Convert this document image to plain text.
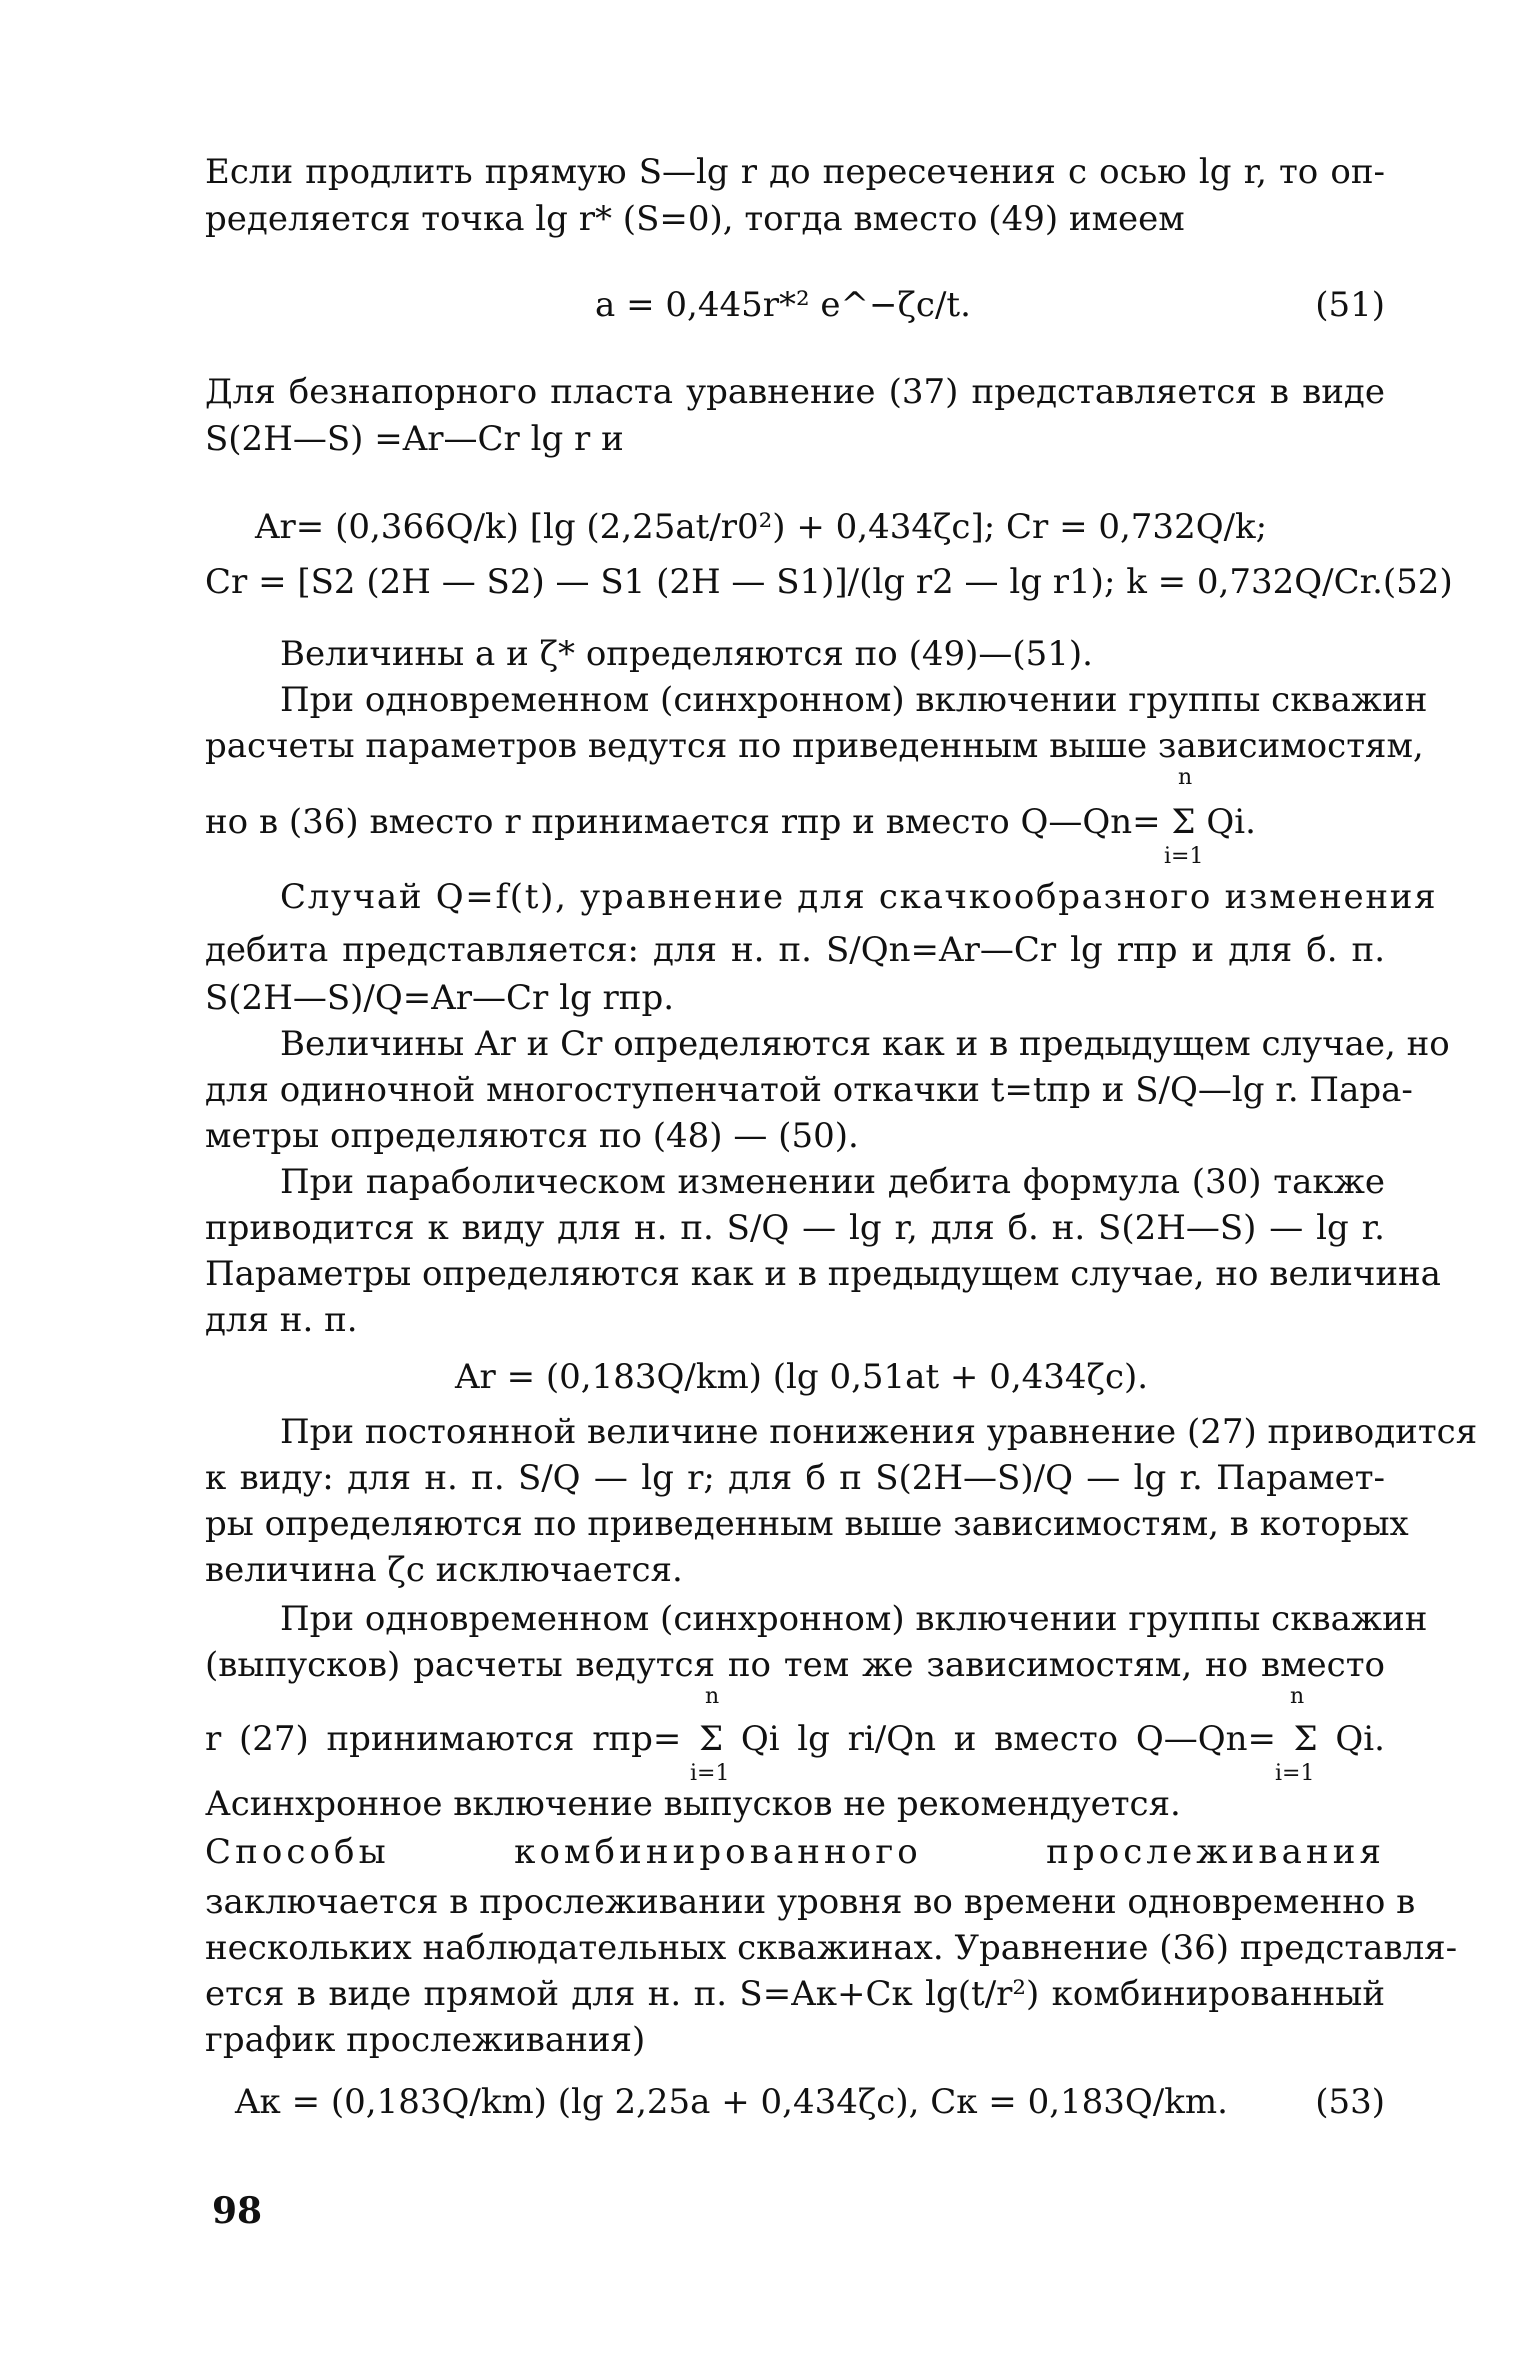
Если продлить прямую S—lg r до пересечения с осью lg r, то оп-
ределяется точка lg r* (S=0), тогда вместо (49) имеем
a = 0,445r*² e^−ζc/t.	(51)
Для безнапорного пласта уравнение (37) представляется в виде
S(2H—S) =Ar—Cr lg r и
Ar= (0,366Q/k) [lg (2,25at/r0²) + 0,434ζc]; Cr = 0,732Q/k;
Cr = [S2 (2H — S2) — S1 (2H — S1)]/(lg r2 — lg r1); k = 0,732Q/Cr.(52)
Величины a и ζ* определяются по (49)—(51).
При одновременном (синхронном) включении группы скважин
расчеты параметров ведутся по приведенным выше зависимостям,
n
но в (36) вместо r принимается rпр и вместо Q—Qn= Σ Qi.
i=1
Случай Q=f(t), уравнение для скачкообразного изменения
дебита представляется: для н. п. S/Qn=Ar—Cr lg rпр и для б. п.
S(2H—S)/Q=Ar—Cr lg rпр.
Величины Ar и Cr определяются как и в предыдущем случае, но
для одиночной многоступенчатой откачки t=tпр и S/Q—lg r. Пара-
метры определяются по (48) — (50).
При параболическом изменении дебита формула (30) также
приводится к виду для н. п. S/Q — lg r, для б. н. S(2H—S) — lg r.
Параметры определяются как и в предыдущем случае, но величина
для н. п.
Ar = (0,183Q/km) (lg 0,51at + 0,434ζc).
При постоянной величине понижения уравнение (27) приводится
к виду: для н. п. S/Q — lg r; для б п S(2H—S)/Q — lg r. Парамет-
ры определяются по приведенным выше зависимостям, в которых
величина ζc исключается.
При одновременном (синхронном) включении группы скважин
(выпусков) расчеты ведутся по тем же зависимостям, но вместо
n	n
r (27) принимаются rпр= Σ Qi lg ri/Qn и вместо Q—Qn= Σ Qi.
i=1	i=1
Асинхронное включение выпусков не рекомендуется.
Способы комбинированного прослеживания
заключается в прослеживании уровня во времени одновременно в
нескольких наблюдательных скважинах. Уравнение (36) представля-
ется в виде прямой для н. п. S=Aк+Cк lg(t/r²) комбинированный
график прослеживания)
Aк = (0,183Q/km) (lg 2,25a + 0,434ζc), Cк = 0,183Q/km.	(53)
98
